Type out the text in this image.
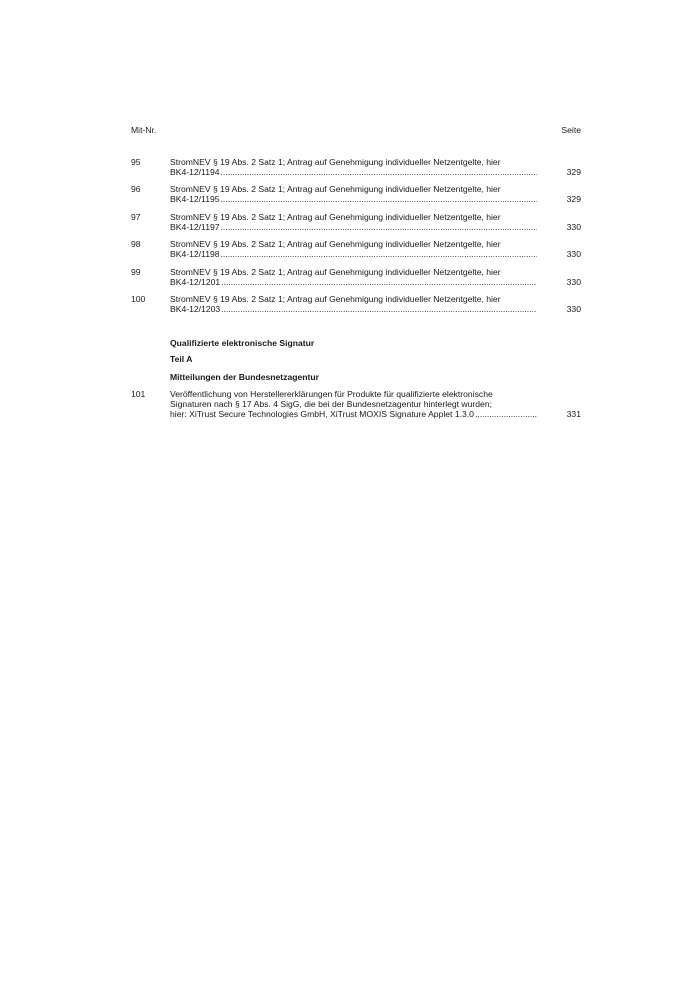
Mit-Nr.	Seite
95	StromNEV § 19 Abs. 2 Satz 1; Antrag auf Genehmigung individueller Netzentgelte, hier
BK4-12/1194 .....	329
96	StromNEV § 19 Abs. 2 Satz 1; Antrag auf Genehmigung individueller Netzentgelte, hier
BK4-12/1195 .....	329
97	StromNEV § 19 Abs. 2 Satz 1; Antrag auf Genehmigung individueller Netzentgelte, hier
BK4-12/1197 .....	330
98	StromNEV § 19 Abs. 2 Satz 1; Antrag auf Genehmigung individueller Netzentgelte, hier
BK4-12/1198 .....	330
99	StromNEV § 19 Abs. 2 Satz 1; Antrag auf Genehmigung individueller Netzentgelte, hier
BK4-12/1201 .....	330
100	StromNEV § 19 Abs. 2 Satz 1; Antrag auf Genehmigung individueller Netzentgelte, hier
BK4-12/1203 .....	330
Qualifizierte elektronische Signatur
Teil A
Mitteilungen der Bundesnetzagentur
101	Veröffentlichung von Herstellererklärungen für Produkte für qualifizierte elektronische
Signaturen nach § 17 Abs. 4 SigG, die bei der Bundesnetzagentur hinterlegt wurden;
hier: XiTrust Secure Technologies GmbH, XiTrust MOXIS Signature Applet 1.3.0 .....	331
